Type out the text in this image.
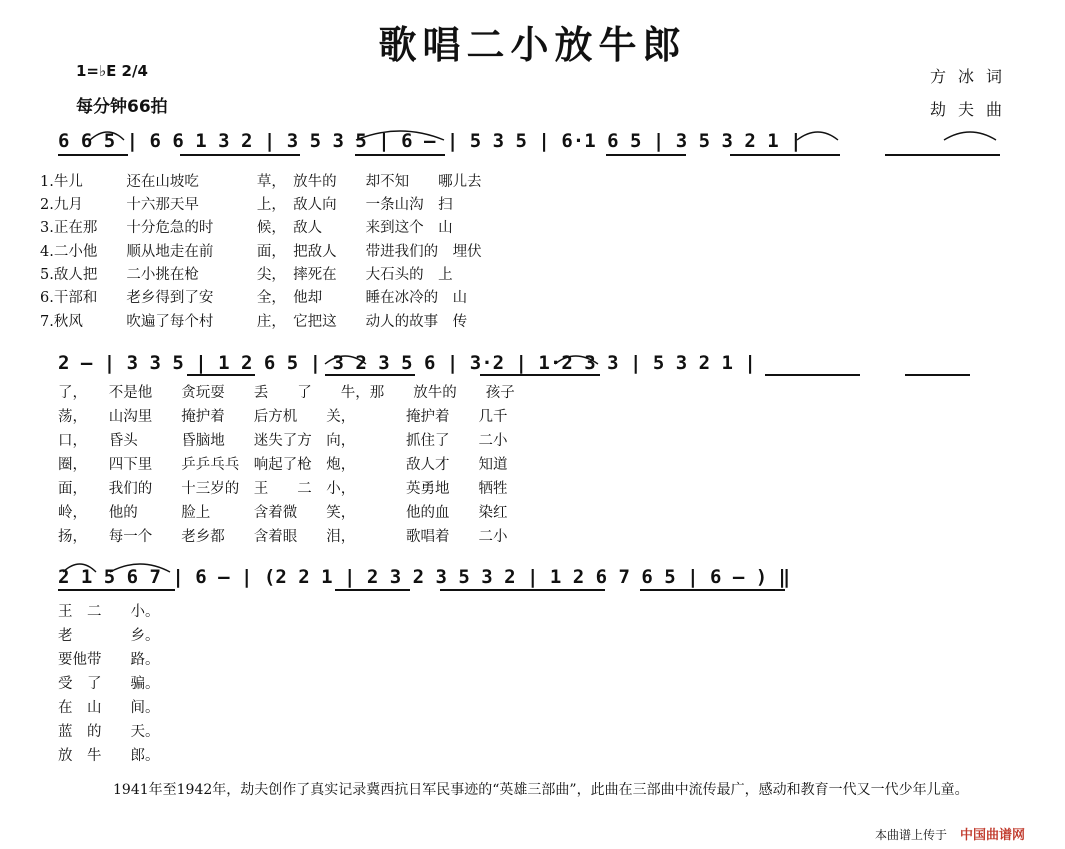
歌唱二小放牛郎
1=♭E 2/4
每分钟66拍
方冰词
劫夫曲
6 6 5 | 6 6 1 3 2 | 3 5 3 5 | 6 – | 5 3 5 | 6·1 6 5 | 3 5 3 2 1 |
1.牛儿　　　还在山坡吃　　　　草，　放牛的　　却不知　　哪儿去
2.九月　　　十六那天早　　　　上，　敌人向　　一条山沟　扫
3.正在那　　十分危急的时　　　候，　敌人　　　来到这个　山
4.二小他　　顺从地走在前　　　面，　把敌人　　带进我们的　埋伏
5.敌人把　　二小挑在枪　　　　尖，　摔死在　　大石头的　上
6.干部和　　老乡得到了安　　　全，　他却　　　睡在冰冷的　山
7.秋风　　　吹遍了每个村　　　庄，　它把这　　动人的故事　传
2 – | 3 3 5 | 1 2 6 5 | 3 2 3 5 6 | 3·2 | 1·2 3 3 | 5 3 2 1 |
了，　　不是他　　贪玩耍　　丢　　了　　牛，那　　放牛的　　孩子
荡，　　山沟里　　掩护着　　后方机　　关，　　　　掩护着　　几千
口，　　昏头　　　昏脑地　　迷失了方　向，　　　　抓住了　　二小
圈，　　四下里　　乒乒乓乓　响起了枪　炮，　　　　敌人才　　知道
面，　　我们的　　十三岁的　王　　二　小，　　　　英勇地　　牺牲
岭，　　他的　　　脸上　　　含着微　　笑，　　　　他的血　　染红
扬，　　每一个　　老乡都　　含着眼　　泪，　　　　歌唱着　　二小
2 1 5 6 7 | 6 – | (2 2 1 | 2 3 2 3 5 3 2 | 1 2 6 7 6 5 | 6 – ) ‖
王　二　　小。
老　　　　乡。
要他带　　路。
受　了　　骗。
在　山　　间。
蓝　的　　天。
放　牛　　郎。
1941年至1942年，劫夫创作了真实记录冀西抗日军民事迹的“英雄三部曲”，此曲在三部曲中流传最广，感动和教育一代又一代少年儿童。
本曲谱上传于 中国曲谱网
